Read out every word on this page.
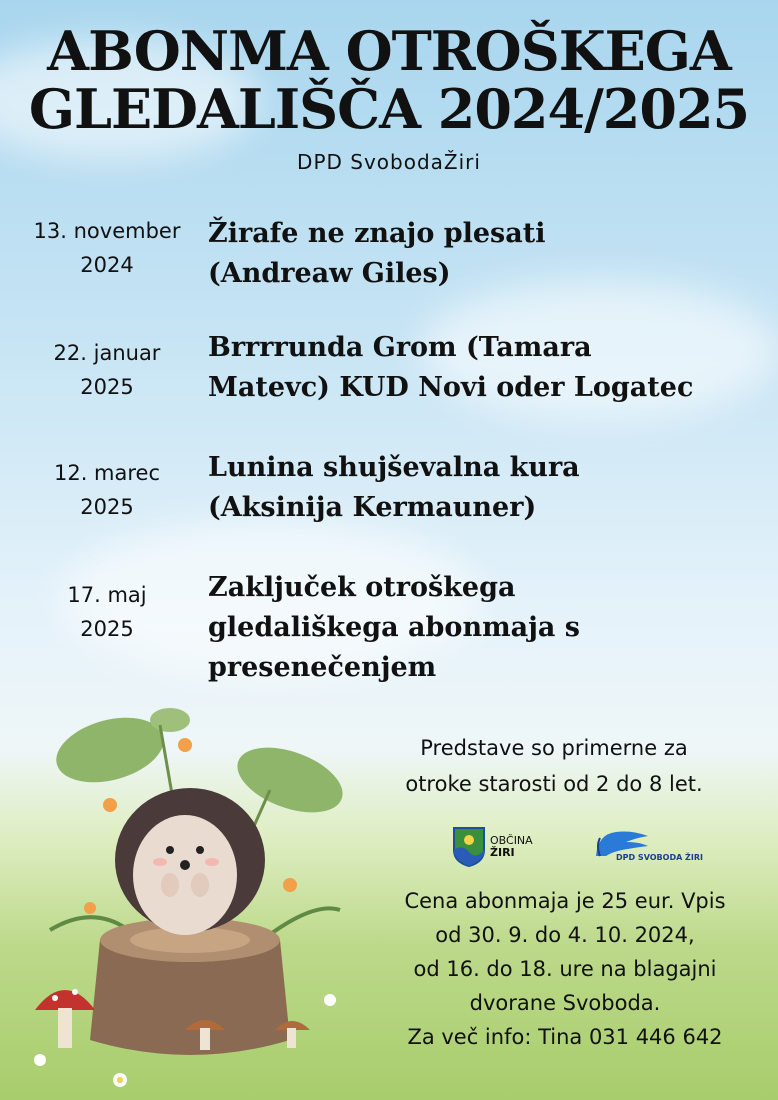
ABONMA OTROŠKEGA
GLEDALIŠČA 2024/2025
DPD SvobodaŽiri
13. november
2024
Žirafe ne znajo plesati
(Andreaw Giles)
22. januar
2025
Brrrrunda Grom (Tamara
Matevc) KUD Novi oder Logatec
12. marec
2025
Lunina shujševalna kura
(Aksinija Kermauner)
17. maj
2025
Zaključek otroškega
gledališkega abonmaja s
presenečenjem
Predstave so primerne za
otroke starosti od 2 do 8 let.
OBČINA
ŽIRI	DPD SVOBODA ŽIRI
Cena abonmaja je 25 eur. Vpis
od 30. 9. do 4. 10. 2024,
od 16. do 18. ure na blagajni
dvorane Svoboda.
Za več info: Tina 031 446 642
